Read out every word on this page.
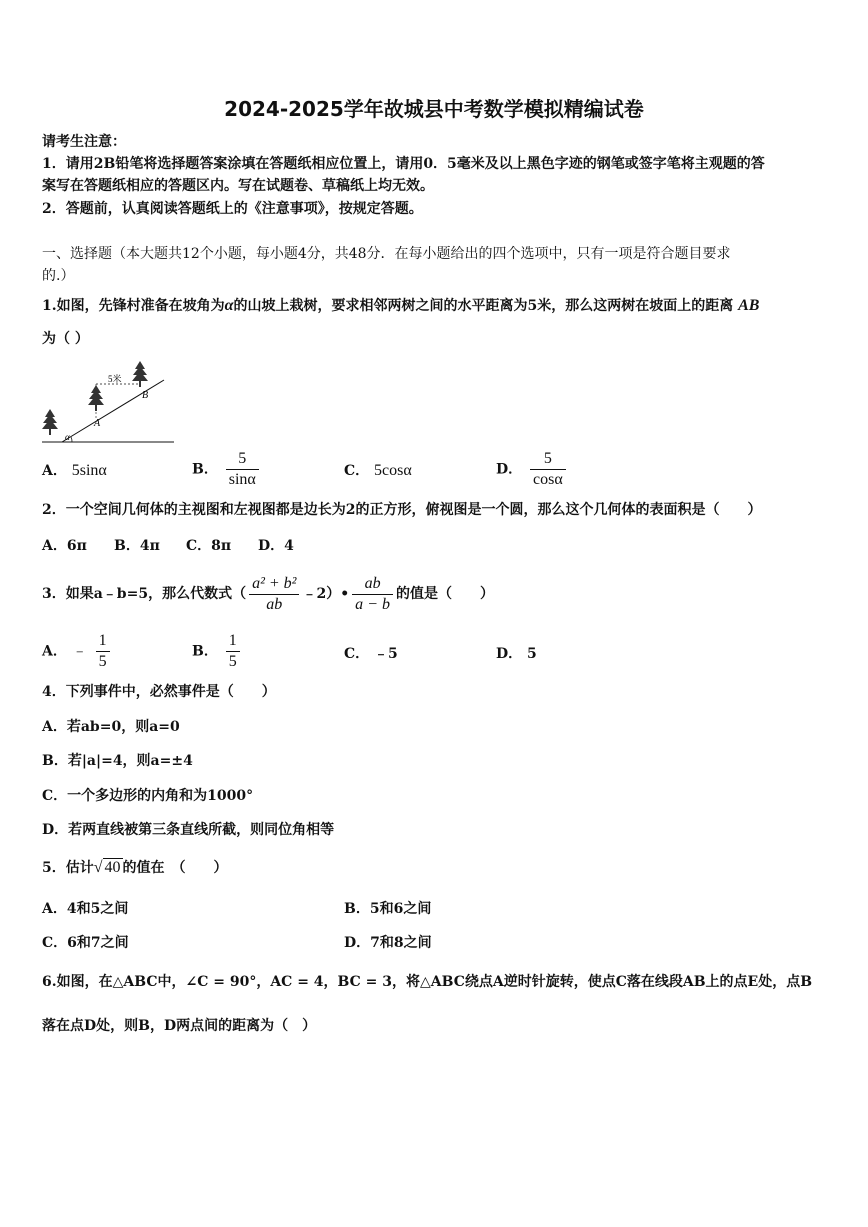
2024-2025学年故城县中考数学模拟精编试卷
请考生注意：
1．请用2B铅笔将选择题答案涂填在答题纸相应位置上，请用0．5毫米及以上黑色字迹的钢笔或签字笔将主观题的答
案写在答题纸相应的答题区内。写在试题卷、草稿纸上均无效。
2．答题前，认真阅读答题纸上的《注意事项》，按规定答题。
一、选择题（本大题共12个小题，每小题4分，共48分．在每小题给出的四个选项中，只有一项是符合题目要求
的.）
1.如图，先锋村准备在坡角为α的山坡上栽树，要求相邻两树之间的水平距离为5米，那么这两树在坡面上的距离 AB
为（ ）
5米
A
B
α
A． 5sinα	B． $\frac{5}{\sin\alpha}$	C． 5cosα	D． $\frac{5}{\cos\alpha}$
2．一个空间几何体的主视图和左视图都是边长为2的正方形，俯视图是一个圆，那么这个几何体的表面积是（　　）
A．6π B．4π C．8π D．4
3．如果a﹣b=5，那么代数式（ $\frac{\text{a² + b²}}{ab}$ ﹣2）• $\frac{ab}{a - b}$ 的值是（　　）
A． ﹣ $\frac{1}{5}$	B． $\frac{1}{5}$	C． ﹣5	D． 5
4．下列事件中，必然事件是（　　）
A．若ab=0，则a=0
B．若|a|=4，则a=±4
C．一个多边形的内角和为1000°
D．若两直线被第三条直线所截，则同位角相等
5．估计√ 40 的值在　（　　）
A．4和5之间	B．5和6之间
C．6和7之间	D．7和8之间
6.如图，在△ABC中，∠C = 90°，AC = 4，BC = 3，将△ABC绕点A逆时针旋转，使点C落在线段AB上的点E处，点B
落在点D处，则B，D两点间的距离为（　）
